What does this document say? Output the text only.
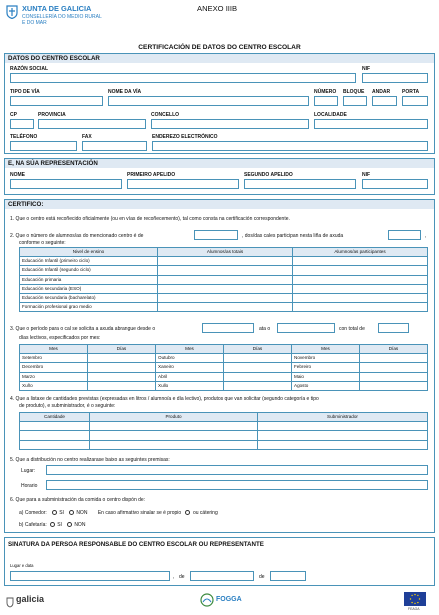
XUNTA DE GALICIA
CONSELLERÍA DO MEDIO RURAL
E DO MAR
ANEXO IIIB
CERTIFICACIÓN DE DATOS DO CENTRO ESCOLAR
DATOS DO CENTRO ESCOLAR
RAZÓN SOCIAL	NIF
TIPO DE VÍA	NOME DA VÍA	NÚMERO BLOQUE ANDAR PORTA
CP	PROVINCIA	CONCELLO	LOCALIDADE
TELÉFONO	FAX	ENDEREZO ELECTRÓNICO
E, NA SÚA REPRESENTACIÓN
NOME	PRIMEIRO APELIDO	SEGUNDO APELIDO	NIF
CERTIFICO:
1. Que o centro está recoñecido oficialmente (ou en vías de recoñecemento), tal como consta na certificación correspondente.
2. Que o número de alumnos/as do mencionado centro é de	, dos/das cales participan nesta liña de axuda	,
conforme o seguinte:
Nivel de ensino	Alumnos/as totais	Alumnos/as participantes
Educación Infantil (primeiro ciclo)		
Educación Infantil (segundo ciclo)		
Educación primaria		
Educación secundaria (ESO)		
Educación secundaria (bacharelato)		
Formación profesional grao medio		
3. Que o período para o cal se solicita a axuda abrangue desde o	ata o	con total de
días lectivos, especificados por mes:
Mes	Días	Mes	Días	Mes	Días
Setembro		Outubro		Novembro	
Decembro		Xaneiro		Febreiro	
Marzo		Abril		Maio	
Xuño		Xullo		Agosto	
4. Que a listaxe de cantidades previstas (expresadas en litros / alumno/a e día lectivo), produtos que van solicitar (segundo categoría e tipo
de produto), e subministrador, é o seguinte:
Cantidade	Produto	Subministrador

5. Que a distribución no centro realizarase baixo as seguintes premisas:
Lugar:
Horario
6. Que para a subministración da comida o centro dispón de:
a) Comedor: SI NON En caso afirmativo sinalar se é propio ou cátering
b) Cafetaría: SI NON
SINATURA DA PERSOA RESPONSABLE DO CENTRO ESCOLAR OU REPRESENTANTE
Lugar e data
, de	de
galicia	FOGGA
FEAGA
